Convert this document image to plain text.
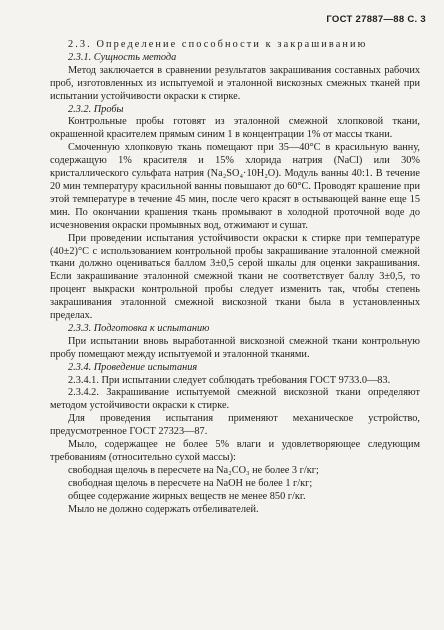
ГОСТ 27887—88 С. 3

2.3. Определение способности к закрашиванию

2.3.1. Сущность метода

Метод заключается в сравнении результатов закрашивания составных рабочих проб, изготовленных из испытуемой и эталонной вискозных смежных тканей при испытании устойчивости окраски к стирке.

2.3.2. Пробы

Контрольные пробы готовят из эталонной смежной хлопковой ткани, окрашенной красителем прямым синим 1 в концентрации 1% от массы ткани.

Смоченную хлопковую ткань помещают при 35—40°С в красильную ванну, содержащую 1% красителя и 15% хлорида натрия (NaCl) или 30% кристаллического сульфата натрия (Na₂SO₄·10H₂O). Модуль ванны 40:1. В течение 20 мин температуру красильной ванны повышают до 60°С. Проводят крашение при этой температуре в течение 45 мин, после чего красят в остывающей ванне еще 15 мин. По окончании крашения ткань промывают в холодной проточной воде до исчезновения окраски промывных вод, отжимают и сушат.

При проведении испытания устойчивости окраски к стирке при температуре (40±2)°С с использованием контрольной пробы закрашивание эталонной смежной ткани должно оцениваться баллом 3±0,5 серой шкалы для оценки закрашивания. Если закрашивание эталонной смежной ткани не соответствует баллу 3±0,5, то процент выкраски контрольной пробы следует изменить так, чтобы степень закрашивания эталонной смежной вискозной ткани была в установленных пределах.

2.3.3. Подготовка к испытанию

При испытании вновь выработанной вискозной смежной ткани контрольную пробу помещают между испытуемой и эталонной тканями.

2.3.4. Проведение испытания

2.3.4.1. При испытании следует соблюдать требования ГОСТ 9733.0—83.

2.3.4.2. Закрашивание испытуемой смежной вискозной ткани определяют методом устойчивости окраски к стирке.

Для проведения испытания применяют механическое устройство, предусмотренное ГОСТ 27323—87.

Мыло, содержащее не более 5% влаги и удовлетворяющее следующим требованиям (относительно сухой массы):

свободная щелочь в пересчете на Na₂CO₃ не более 3 г/кг;

свободная щелочь в пересчете на NaOH не более 1 г/кг;

общее содержание жирных веществ не менее 850 г/кг.

Мыло не должно содержать отбеливателей.
